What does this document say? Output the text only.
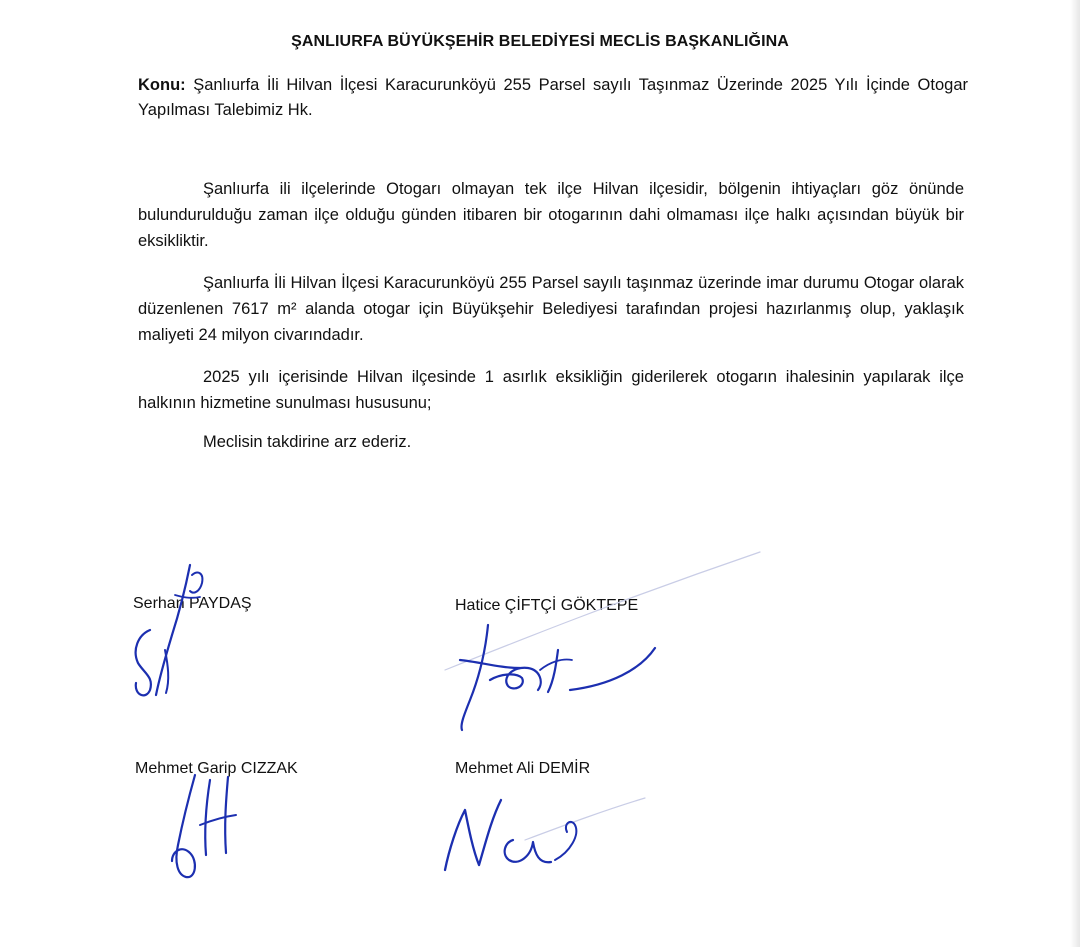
ŞANLIURFA BÜYÜKŞEHİR BELEDİYESİ MECLİS BAŞKANLIĞINA
Konu: Şanlıurfa İli Hilvan İlçesi Karacurunköyü 255 Parsel sayılı Taşınmaz Üzerinde 2025 Yılı İçinde Otogar Yapılması Talebimiz Hk.

Şanlıurfa ili ilçelerinde Otogarı olmayan tek ilçe Hilvan ilçesidir, bölgenin ihtiyaçları göz önünde bulundurulduğu zaman ilçe olduğu günden itibaren bir otogarının dahi olmaması ilçe halkı açısından büyük bir eksikliktir.

Şanlıurfa İli Hilvan İlçesi Karacurunköyü 255 Parsel sayılı taşınmaz üzerinde imar durumu Otogar olarak düzenlenen 7617 m² alanda otogar için Büyükşehir Belediyesi tarafından projesi hazırlanmış olup, yaklaşık maliyeti 24 milyon civarındadır.

2025 yılı içerisinde Hilvan ilçesinde 1 asırlık eksikliğin giderilerek otogarın ihalesinin yapılarak ilçe halkının hizmetine sunulması hususunu;

Meclisin takdirine arz ederiz.

Serhan PAYDAŞ	Hatice ÇİFTÇİ GÖKTEPE
Mehmet Garip CIZZAK	Mehmet Ali DEMİR
